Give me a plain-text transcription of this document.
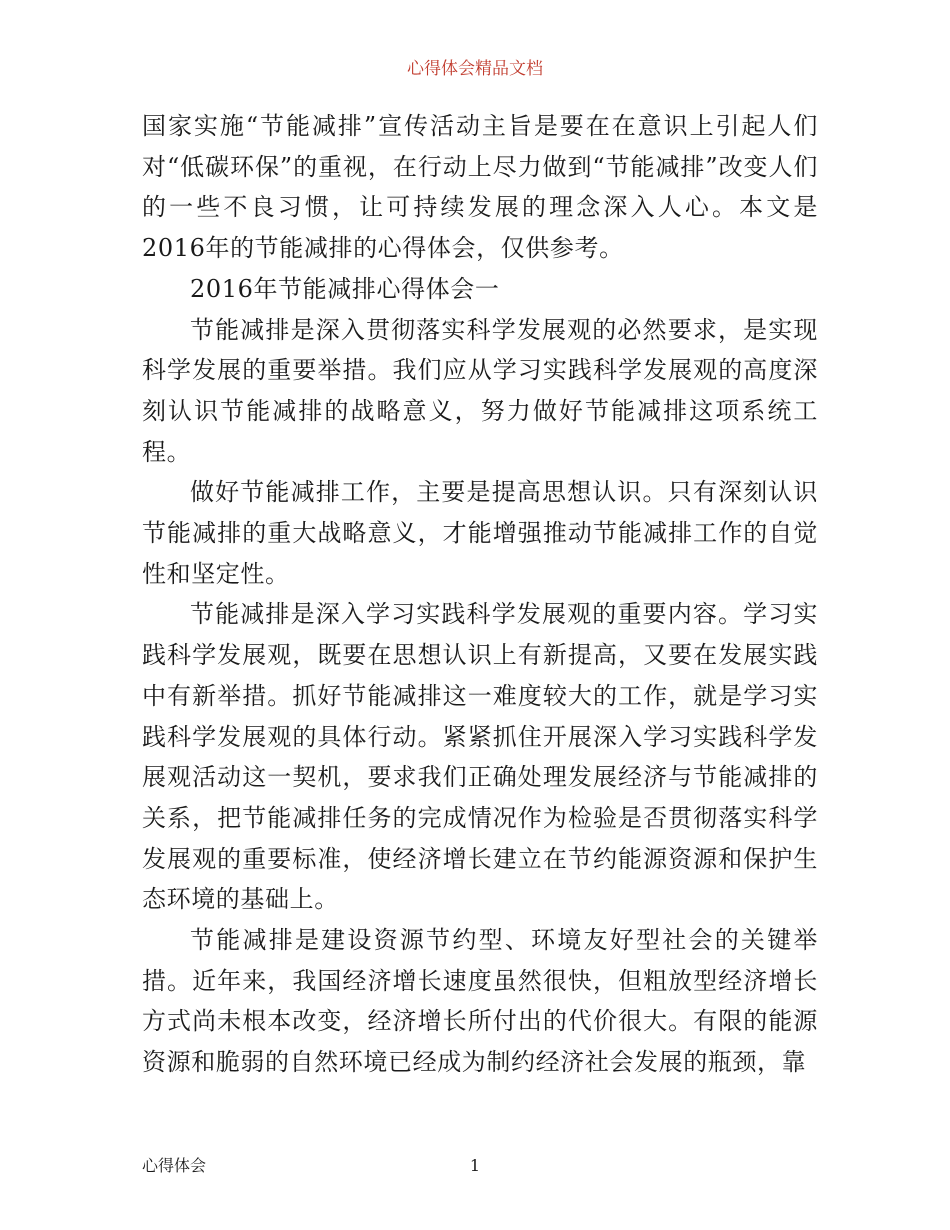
心得体会精品文档

国家实施“节能减排”宣传活动主旨是要在在意识上引起人们对“低碳环保”的重视，在行动上尽力做到“节能减排”改变人们的一些不良习惯，让可持续发展的理念深入人心。本文是2016年的节能减排的心得体会，仅供参考。

2016年节能减排心得体会一

节能减排是深入贯彻落实科学发展观的必然要求，是实现科学发展的重要举措。我们应从学习实践科学发展观的高度深刻认识节能减排的战略意义，努力做好节能减排这项系统工程。

做好节能减排工作，主要是提高思想认识。只有深刻认识节能减排的重大战略意义，才能增强推动节能减排工作的自觉性和坚定性。

节能减排是深入学习实践科学发展观的重要内容。学习实践科学发展观，既要在思想认识上有新提高，又要在发展实践中有新举措。抓好节能减排这一难度较大的工作，就是学习实践科学发展观的具体行动。紧紧抓住开展深入学习实践科学发展观活动这一契机，要求我们正确处理发展经济与节能减排的关系，把节能减排任务的完成情况作为检验是否贯彻落实科学发展观的重要标准，使经济增长建立在节约能源资源和保护生态环境的基础上。

节能减排是建设资源节约型、环境友好型社会的关键举措。近年来，我国经济增长速度虽然很快，但粗放型经济增长方式尚未根本改变，经济增长所付出的代价很大。有限的能源资源和脆弱的自然环境已经成为制约经济社会发展的瓶颈，靠

心得体会	1
